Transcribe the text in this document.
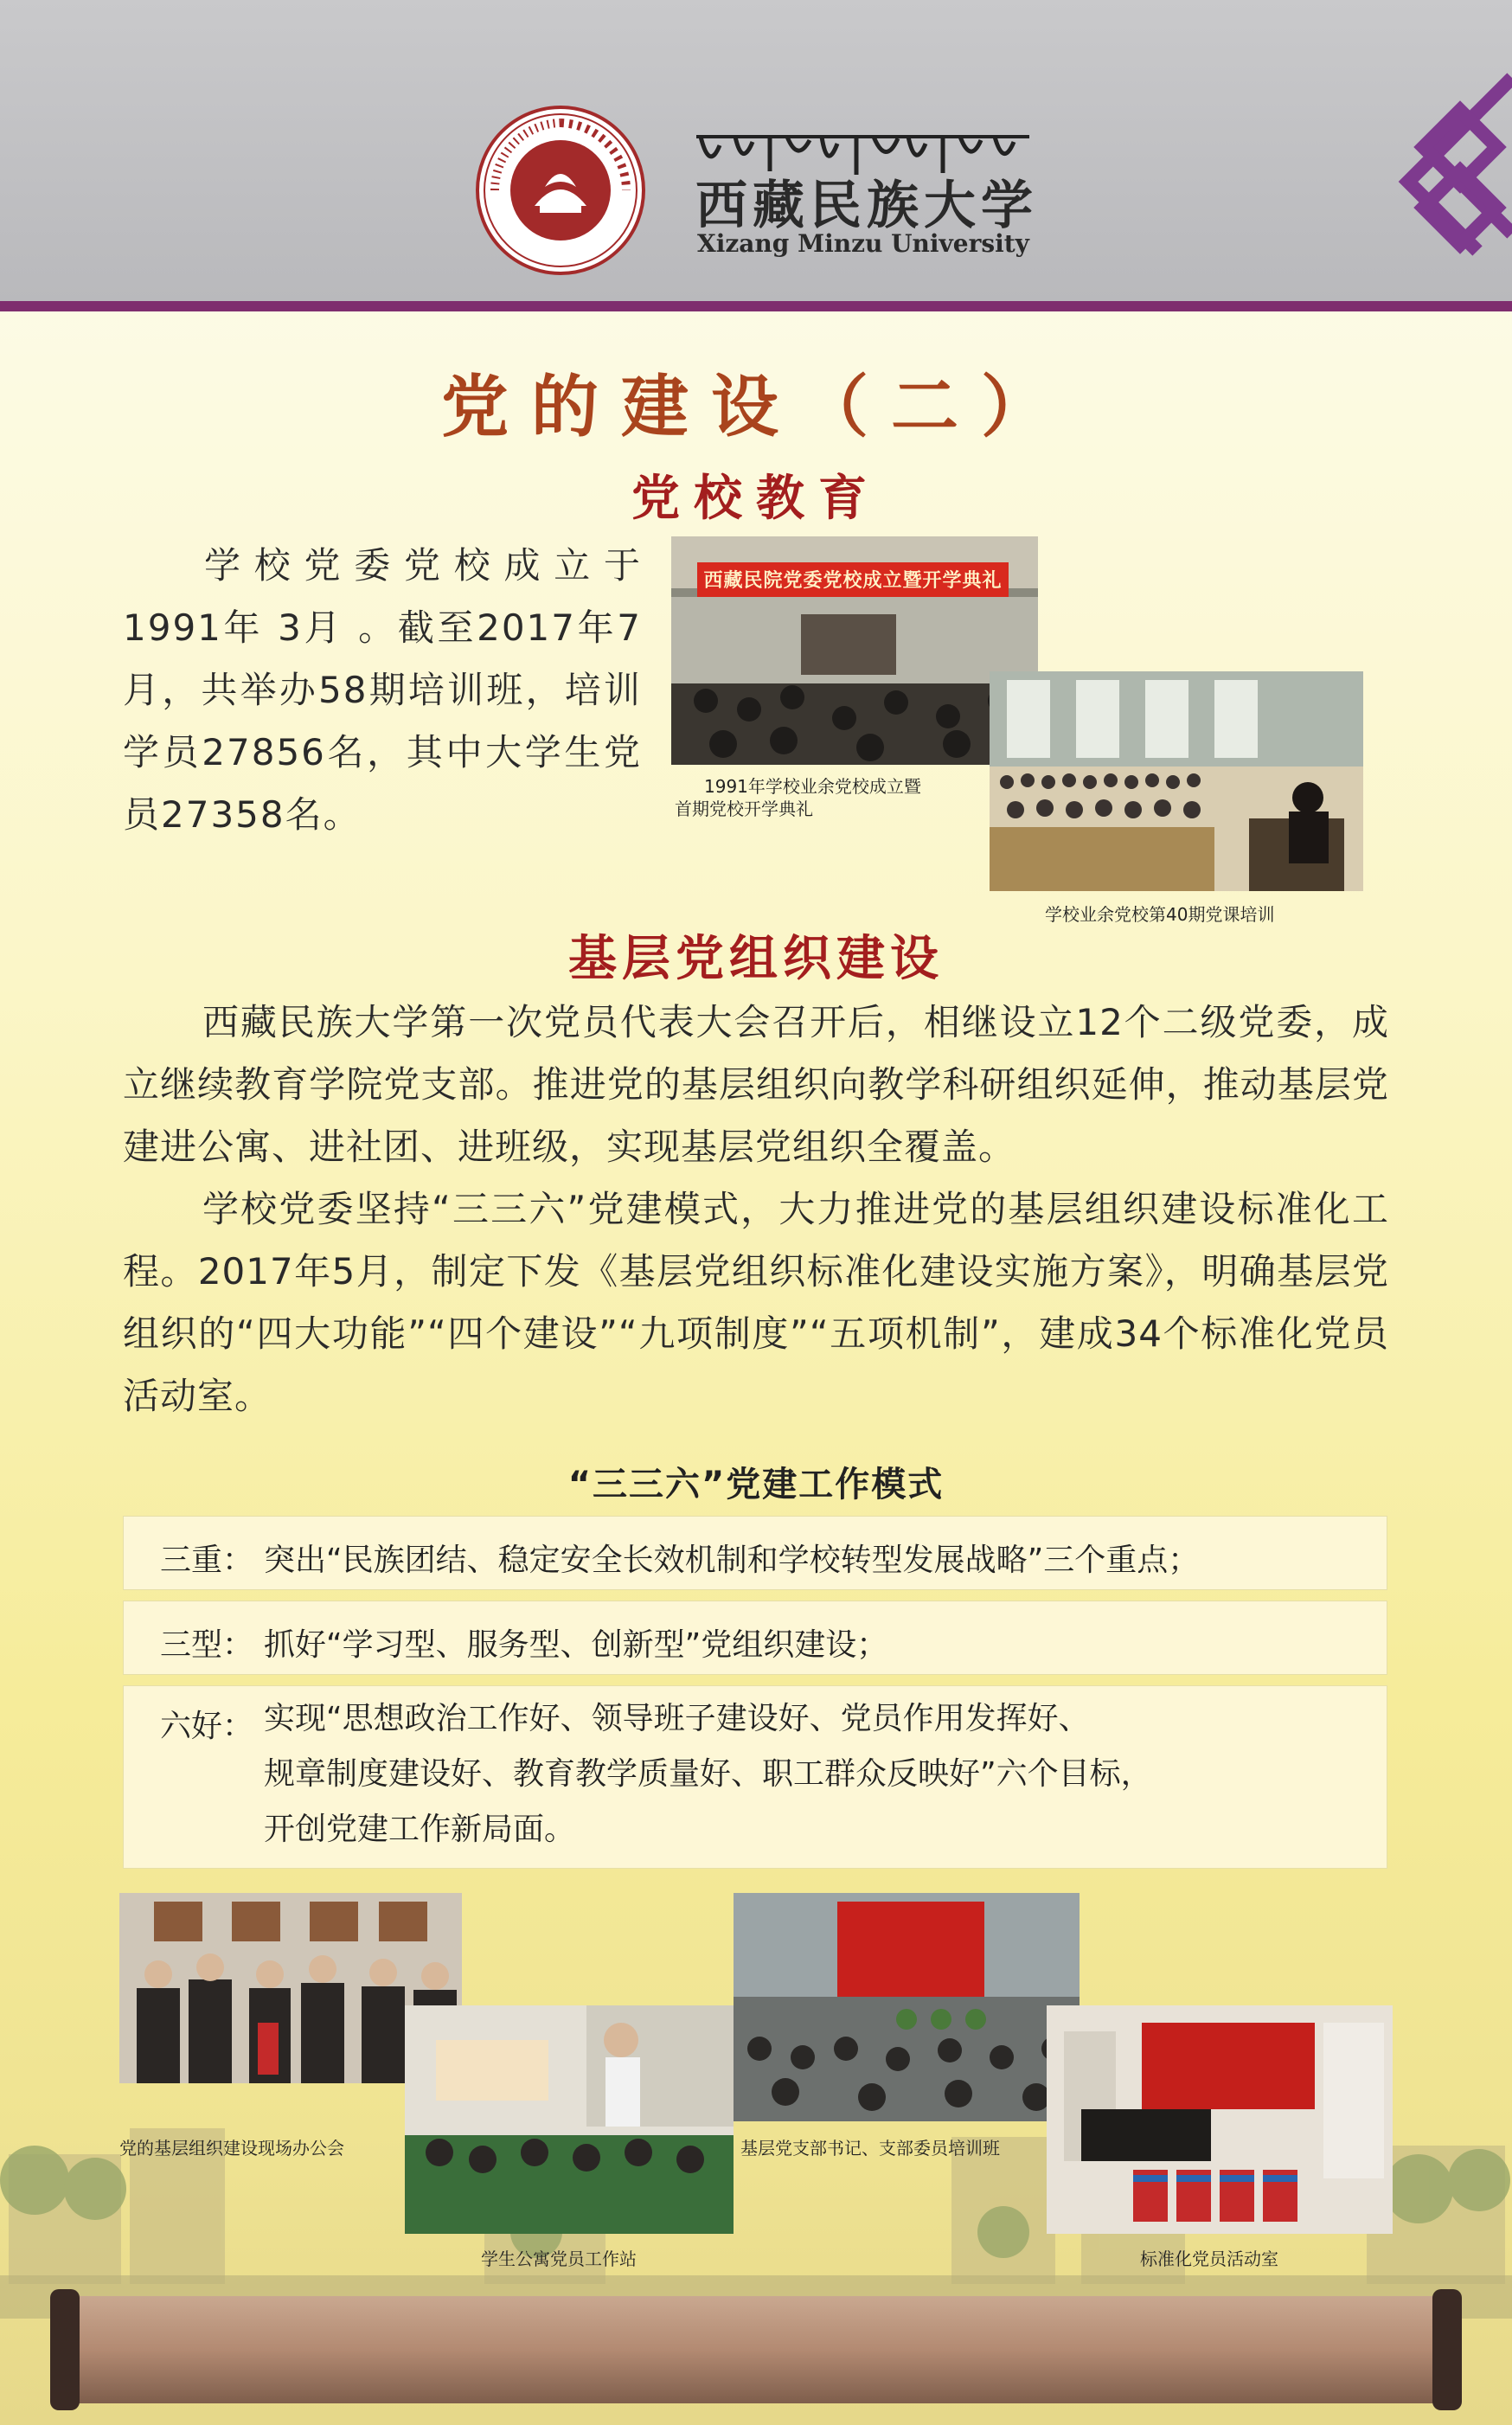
西藏民族大学
Xizang Minzu University
党的建设（二）
党校教育

学校党委党校成立于1991年 3月 。截至2017年7月，共举办58期培训班，培训学员27856名，其中大学生党员27358名。

西藏民院党委党校成立暨开学典礼
1991年学校业余党校成立暨
首期党校开学典礼
学校业余党校第40期党课培训
基层党组织建设

西藏民族大学第一次党员代表大会召开后，相继设立12个二级党委，成立继续教育学院党支部。推进党的基层组织向教学科研组织延伸，推动基层党建进公寓、进社团、进班级，实现基层党组织全覆盖。

学校党委坚持“三三六”党建模式，大力推进党的基层组织建设标准化工程。2017年5月，制定下发《基层党组织标准化建设实施方案》，明确基层党组织的“四大功能”“四个建设”“九项制度”“五项机制”，建成34个标准化党员活动室。

“三三六”党建工作模式
三重： 突出“民族团结、稳定安全长效机制和学校转型发展战略”三个重点；
三型： 抓好“学习型、服务型、创新型”党组织建设；
六好： 实现“思想政治工作好、领导班子建设好、党员作用发挥好、
规章制度建设好、教育教学质量好、职工群众反映好”六个目标，
开创党建工作新局面。
党的基层组织建设现场办公会
学生公寓党员工作站
基层党支部书记、支部委员培训班
标准化党员活动室
